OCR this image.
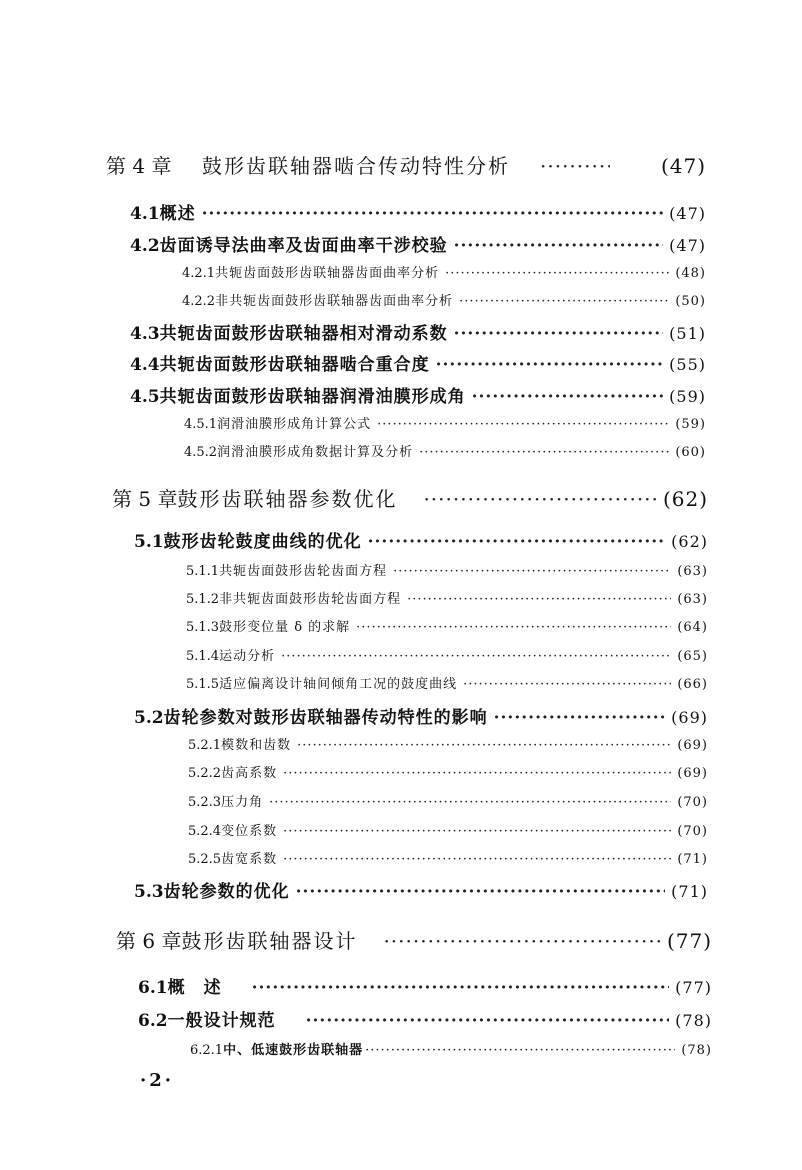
第 4 章	鼓形齿联轴器啮合传动特性分析 ·····	(47)
4.1 概述 ·····	(47)
4.2 齿面诱导法曲率及齿面曲率干涉校验 ·····	(47)
4.2.1 共轭齿面鼓形齿联轴器齿面曲率分析 ·····	(48)
4.2.2 非共轭齿面鼓形齿联轴器齿面曲率分析 ·····	(50)
4.3 共轭齿面鼓形齿联轴器相对滑动系数 ·····	(51)
4.4 共轭齿面鼓形齿联轴器啮合重合度 ·····	(55)
4.5 共轭齿面鼓形齿联轴器润滑油膜形成角 ·····	(59)
4.5.1 润滑油膜形成角计算公式 ·····	(59)
4.5.2 润滑油膜形成角数据计算及分析 ·····	(60)
第 5 章 鼓形齿联轴器参数优化 ·····	(62)
5.1 鼓形齿轮鼓度曲线的优化 ·····	(62)
5.1.1 共轭齿面鼓形齿轮齿面方程 ·····	(63)
5.1.2 非共轭齿面鼓形齿轮齿面方程 ·····	(63)
5.1.3 鼓形变位量 δ 的求解 ·····	(64)
5.1.4 运动分析 ·····	(65)
5.1.5 适应偏离设计轴间倾角工况的鼓度曲线 ·····	(66)
5.2 齿轮参数对鼓形齿联轴器传动特性的影响 ·····	(69)
5.2.1 模数和齿数 ·····	(69)
5.2.2 齿高系数 ·····	(69)
5.2.3 压力角 ·····	(70)
5.2.4 变位系数 ·····	(70)
5.2.5 齿宽系数 ·····	(71)
5.3 齿轮参数的优化 ·····	(71)
第 6 章 鼓形齿联轴器设计 ·····	(77)
6.1 概　述 ·····	(77)
6.2 一般设计规范 ·····	(78)
6.2.1 中、低速鼓形齿联轴器 ·····	(78)
·2·
